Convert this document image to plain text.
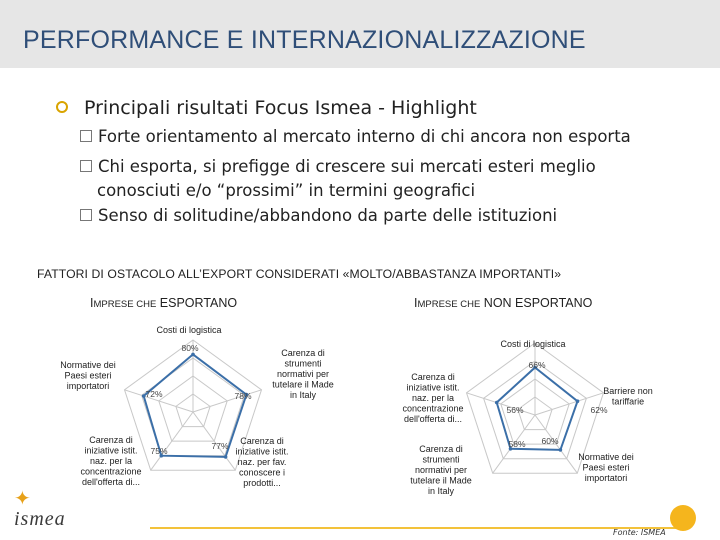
PERFORMANCE E INTERNAZIONALIZZAZIONE
Principali risultati Focus Ismea - Highlight
Forte orientamento al mercato interno di chi ancora non esporta
Chi esporta, si prefigge di crescere sui mercati esteri meglio
conosciuti e/o “prossimi” in termini geografici
Senso di solitudine/abbandono da parte delle istituzioni
FATTORI DI OSTACOLO ALL’EXPORT CONSIDERATI «MOLTO/ABBASTANZA IMPORTANTI»
IMPRESE CHE ESPORTANO	IMPRESE CHE NON ESPORTANO
Costi di logistica
Carenza di strumenti normativi per tutelare il Made in Italy
Carenza di iniziative istit. naz. per fav. conoscere i prodotti...
Carenza di iniziative istit. naz. per la concentrazione dell'offerta di...
Normative dei Paesi esteri importatori
80%
78%
77%
75%
72%
Costi di logistica
Barriere non tariffarie
Normative dei Paesi esteri importatori
Carenza di strumenti normativi per tutelare il Made in Italy
Carenza di iniziative istit. naz. per la concentrazione dell'offerta di...
66%
62%
60%
58%
56%
✦
ismea
Fonte: ISMEA
